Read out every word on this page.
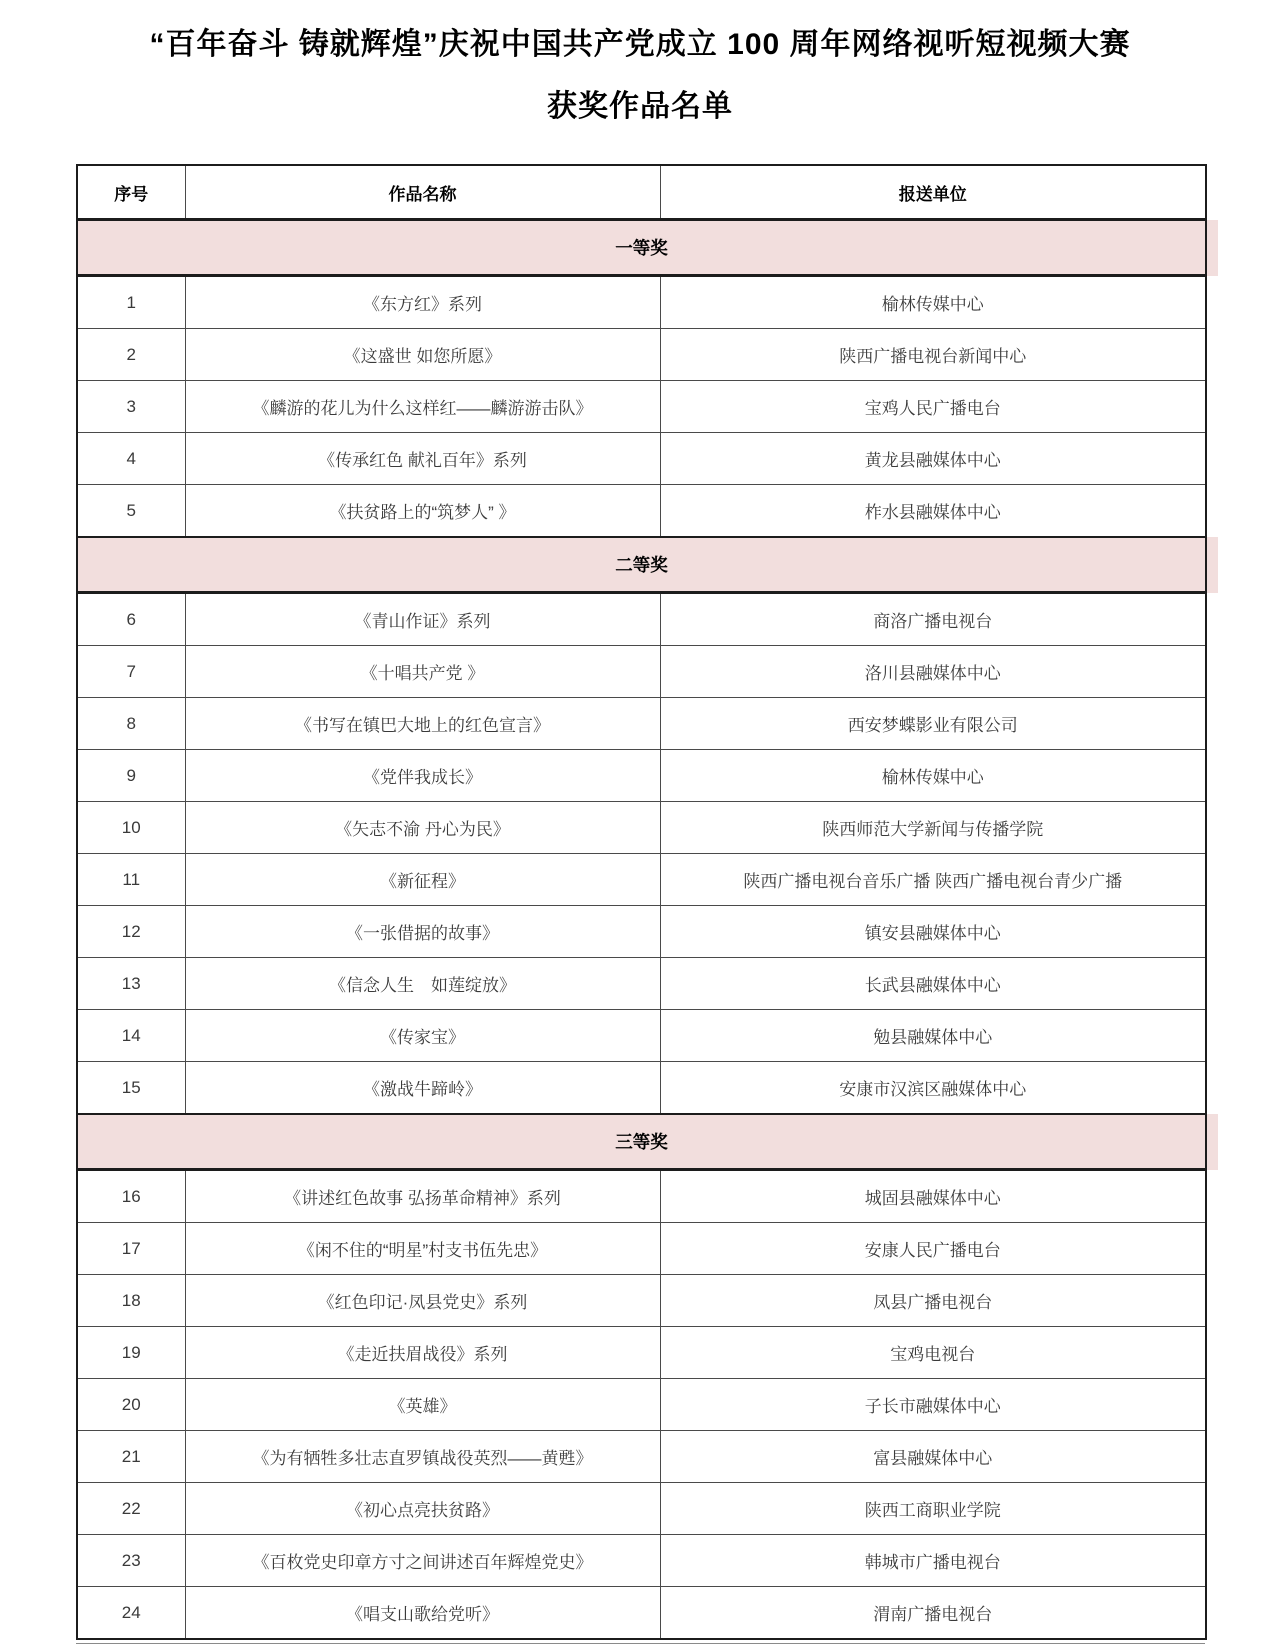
“百年奋斗 铸就辉煌”庆祝中国共产党成立 100 周年网络视听短视频大赛
获奖作品名单
序号	作品名称	报送单位
一等奖		
1	《东方红》系列	榆林传媒中心
2	《这盛世 如您所愿》	陕西广播电视台新闻中心
3	《麟游的花儿为什么这样红——麟游游击队》	宝鸡人民广播电台
4	《传承红色 献礼百年》系列	黄龙县融媒体中心
5	《扶贫路上的“筑梦人” 》	柞水县融媒体中心
二等奖		
6	《青山作证》系列	商洛广播电视台
7	《十唱共产党 》	洛川县融媒体中心
8	《书写在镇巴大地上的红色宣言》	西安梦蝶影业有限公司
9	《党伴我成长》	榆林传媒中心
10	《矢志不渝 丹心为民》	陕西师范大学新闻与传播学院
11	《新征程》	陕西广播电视台音乐广播 陕西广播电视台青少广播
12	《一张借据的故事》	镇安县融媒体中心
13	《信念人生　如莲绽放》	长武县融媒体中心
14	《传家宝》	勉县融媒体中心
15	《激战牛蹄岭》	安康市汉滨区融媒体中心
三等奖		
16	《讲述红色故事 弘扬革命精神》系列	城固县融媒体中心
17	《闲不住的“明星”村支书伍先忠》	安康人民广播电台
18	《红色印记·凤县党史》系列	凤县广播电视台
19	《走近扶眉战役》系列	宝鸡电视台
20	《英雄》	子长市融媒体中心
21	《为有牺牲多壮志直罗镇战役英烈——黄甦》	富县融媒体中心
22	《初心点亮扶贫路》	陕西工商职业学院
23	《百枚党史印章方寸之间讲述百年辉煌党史》	韩城市广播电视台
24	《唱支山歌给党听》	渭南广播电视台
